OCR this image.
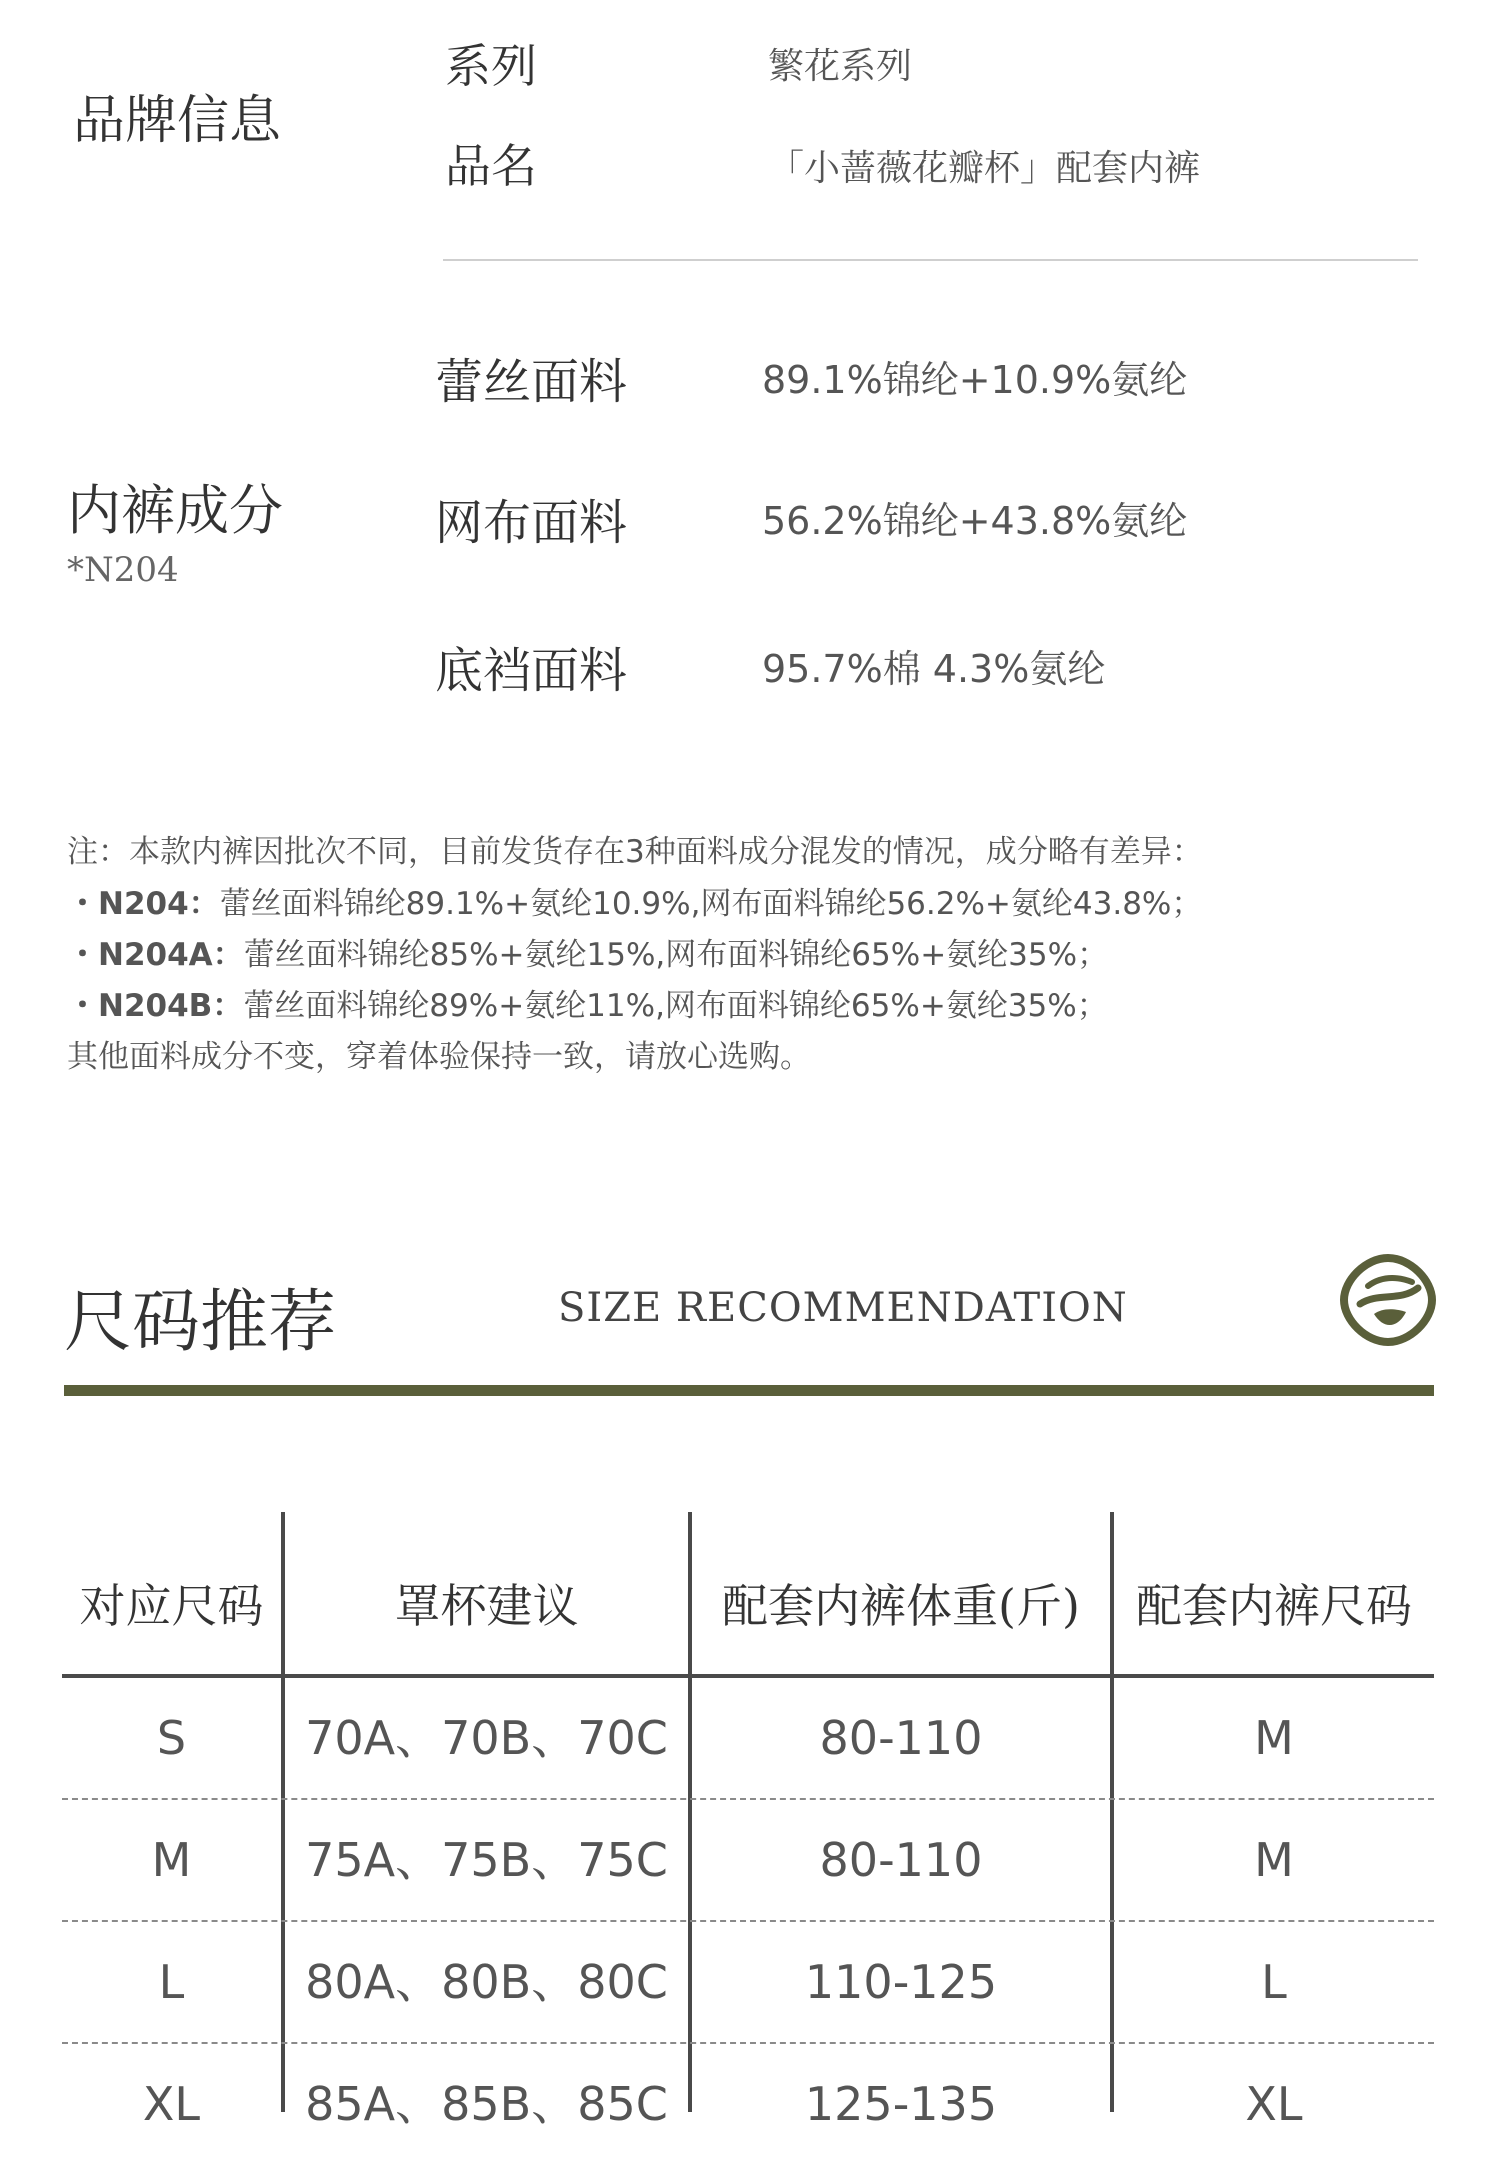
品牌信息
系列	繁花系列
品名	「小蔷薇花瓣杯」配套内裤
内裤成分
*N204
蕾丝面料	89.1%锦纶+10.9%氨纶
网布面料	56.2%锦纶+43.8%氨纶
底裆面料	95.7%棉 4.3%氨纶
注：本款内裤因批次不同，目前发货存在3种面料成分混发的情况，成分略有差异：
・N204：蕾丝面料锦纶89.1%+氨纶10.9%,网布面料锦纶56.2%+氨纶43.8%；
・N204A：蕾丝面料锦纶85%+氨纶15%,网布面料锦纶65%+氨纶35%；
・N204B：蕾丝面料锦纶89%+氨纶11%,网布面料锦纶65%+氨纶35%；
其他面料成分不变，穿着体验保持一致，请放心选购。
尺码推荐	SIZE RECOMMENDATION
对应尺码	罩杯建议	配套内裤体重(斤)	配套内裤尺码
S	70A、70B、70C	80-110	M
M	75A、75B、75C	80-110	M
L	80A、80B、80C	110-125	L
XL	85A、85B、85C	125-135	XL
